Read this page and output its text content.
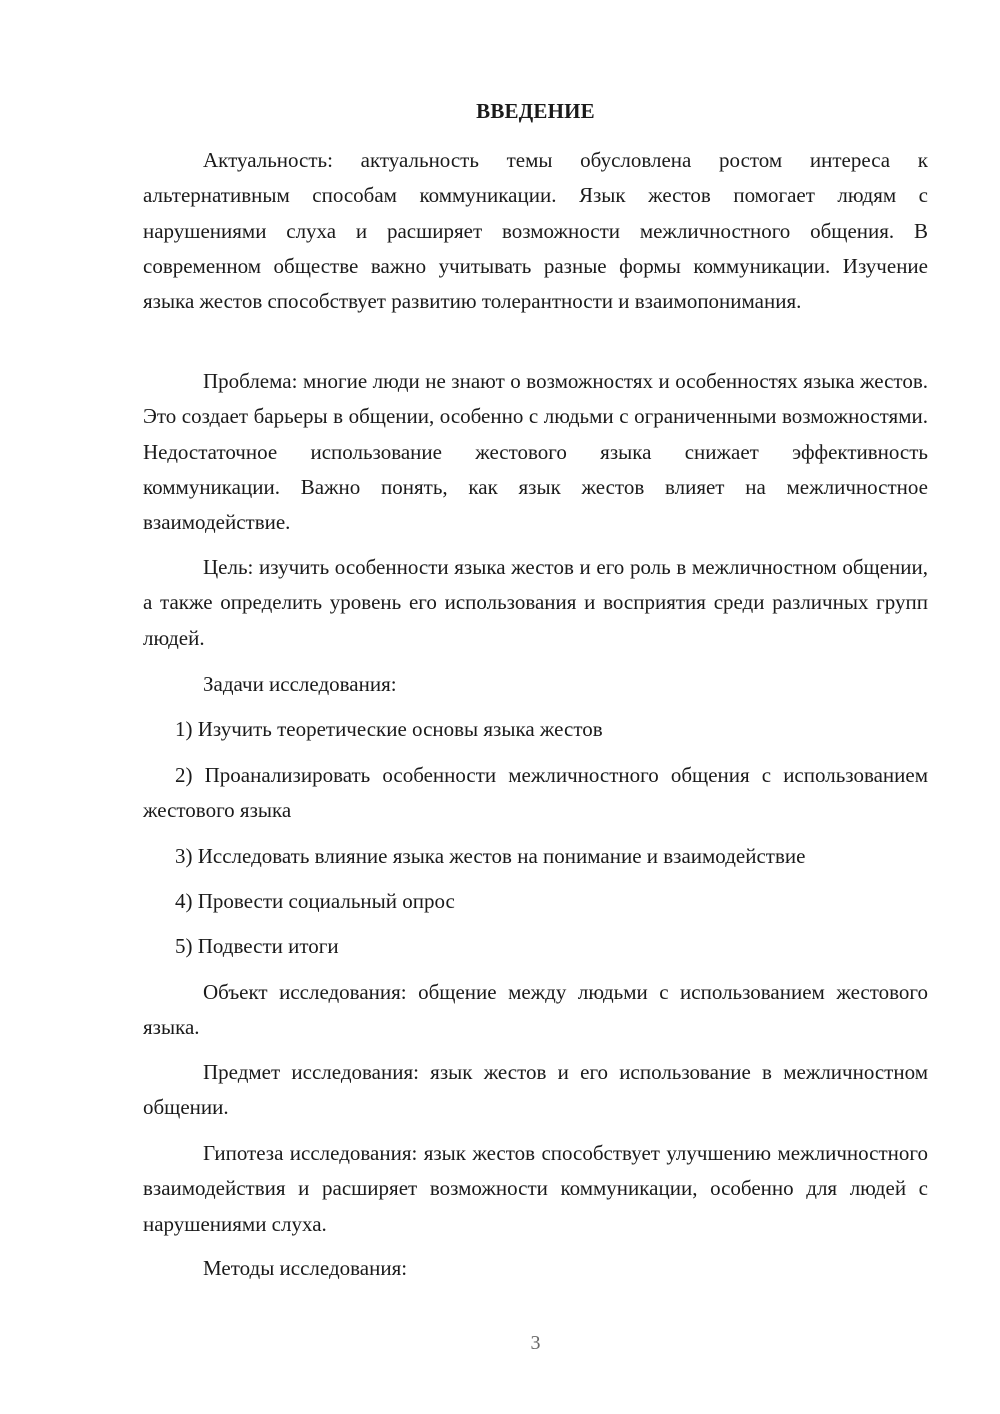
ВВЕДЕНИЕ

Актуальность: актуальность темы обусловлена ростом интереса к альтернативным способам коммуникации. Язык жестов помогает людям с нарушениями слуха и расширяет возможности межличностного общения. В современном обществе важно учитывать разные формы коммуникации. Изучение языка жестов способствует развитию толерантности и взаимопонимания.

Проблема: многие люди не знают о возможностях и особенностях языка жестов. Это создает барьеры в общении, особенно с людьми с ограниченными возможностями. Недостаточное использование жестового языка снижает эффективность коммуникации. Важно понять, как язык жестов влияет на межличностное взаимодействие.

Цель: изучить особенности языка жестов и его роль в межличностном общении, а также определить уровень его использования и восприятия среди различных групп людей.

Задачи исследования:

1) Изучить теоретические основы языка жестов

2) Проанализировать особенности межличностного общения с использованием жестового языка

3) Исследовать влияние языка жестов на понимание и взаимодействие

4) Провести социальный опрос

5) Подвести итоги

Объект исследования: общение между людьми с использованием жестового языка.

Предмет исследования: язык жестов и его использование в межличностном общении.

Гипотеза исследования: язык жестов способствует улучшению межличностного взаимодействия и расширяет возможности коммуникации, особенно для людей с нарушениями слуха.

Методы исследования:

3
